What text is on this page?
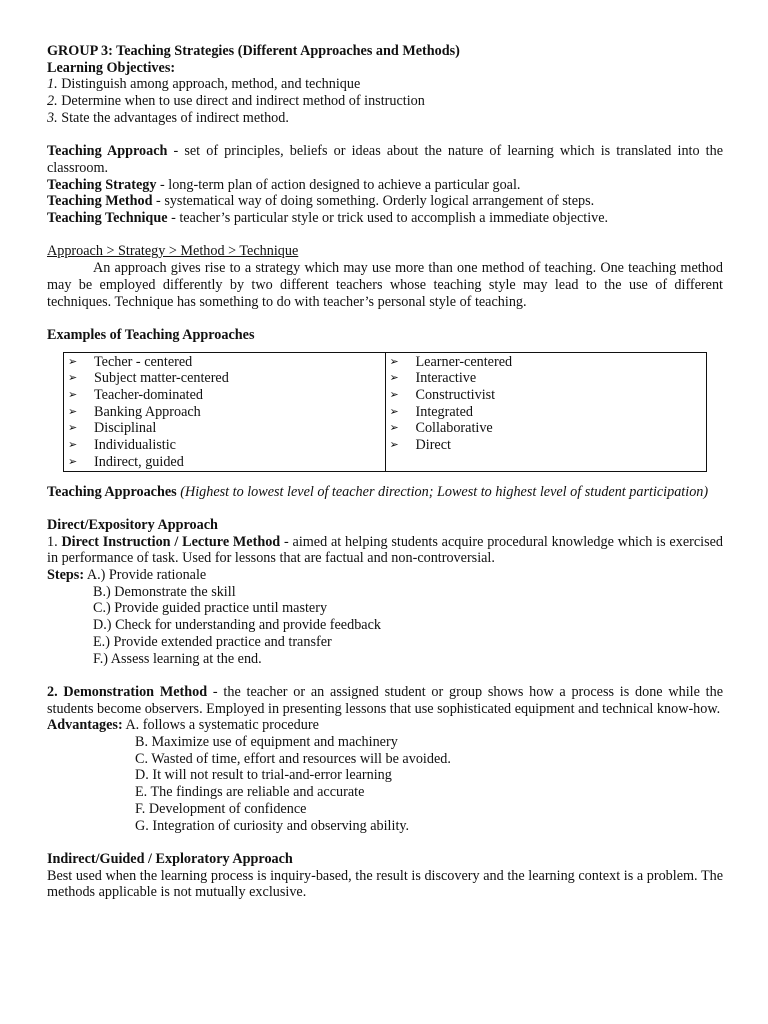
GROUP 3: Teaching Strategies (Different Approaches and Methods)
Learning Objectives:
1. Distinguish among approach, method, and technique
2. Determine when to use direct and indirect method of instruction
3. State the advantages of indirect method.
Teaching Approach - set of principles, beliefs or ideas about the nature of learning which is translated into the classroom.
Teaching Strategy - long-term plan of action designed to achieve a particular goal.
Teaching Method - systematical way of doing something. Orderly logical arrangement of steps.
Teaching Technique - teacher’s particular style or trick used to accomplish a immediate objective.
Approach > Strategy > Method > Technique
An approach gives rise to a strategy which may use more than one method of teaching. One teaching method may be employed differently by two different teachers whose teaching style may lead to the use of different techniques. Technique has something to do with teacher’s personal style of teaching.
Examples of Teaching Approaches
➢	Techer - centered
➢	Subject matter-centered
➢	Teacher-dominated
➢	Banking Approach
➢	Disciplinal
➢	Individualistic
➢	Indirect, guided

➢	Learner-centered
➢	Interactive
➢	Constructivist
➢	Integrated
➢	Collaborative
➢	Direct
Teaching Approaches (Highest to lowest level of teacher direction; Lowest to highest level of student participation)
Direct/Expository Approach
1. Direct Instruction / Lecture Method - aimed at helping students acquire procedural knowledge which is exercised in performance of task. Used for lessons that are factual and non-controversial.
Steps: A.) Provide rationale
B.) Demonstrate the skill
C.) Provide guided practice until mastery
D.) Check for understanding and provide feedback
E.) Provide extended practice and transfer
F.) Assess learning at the end.
2. Demonstration Method - the teacher or an assigned student or group shows how a process is done while the students become observers. Employed in presenting lessons that use sophisticated equipment and technical know-how.
Advantages: A. follows a systematic procedure
B. Maximize use of equipment and machinery
C. Wasted of time, effort and resources will be avoided.
D. It will not result to trial-and-error learning
E. The findings are reliable and accurate
F. Development of confidence
G. Integration of curiosity and observing ability.
Indirect/Guided / Exploratory Approach
Best used when the learning process is inquiry-based, the result is discovery and the learning context is a problem. The methods applicable is not mutually exclusive.
